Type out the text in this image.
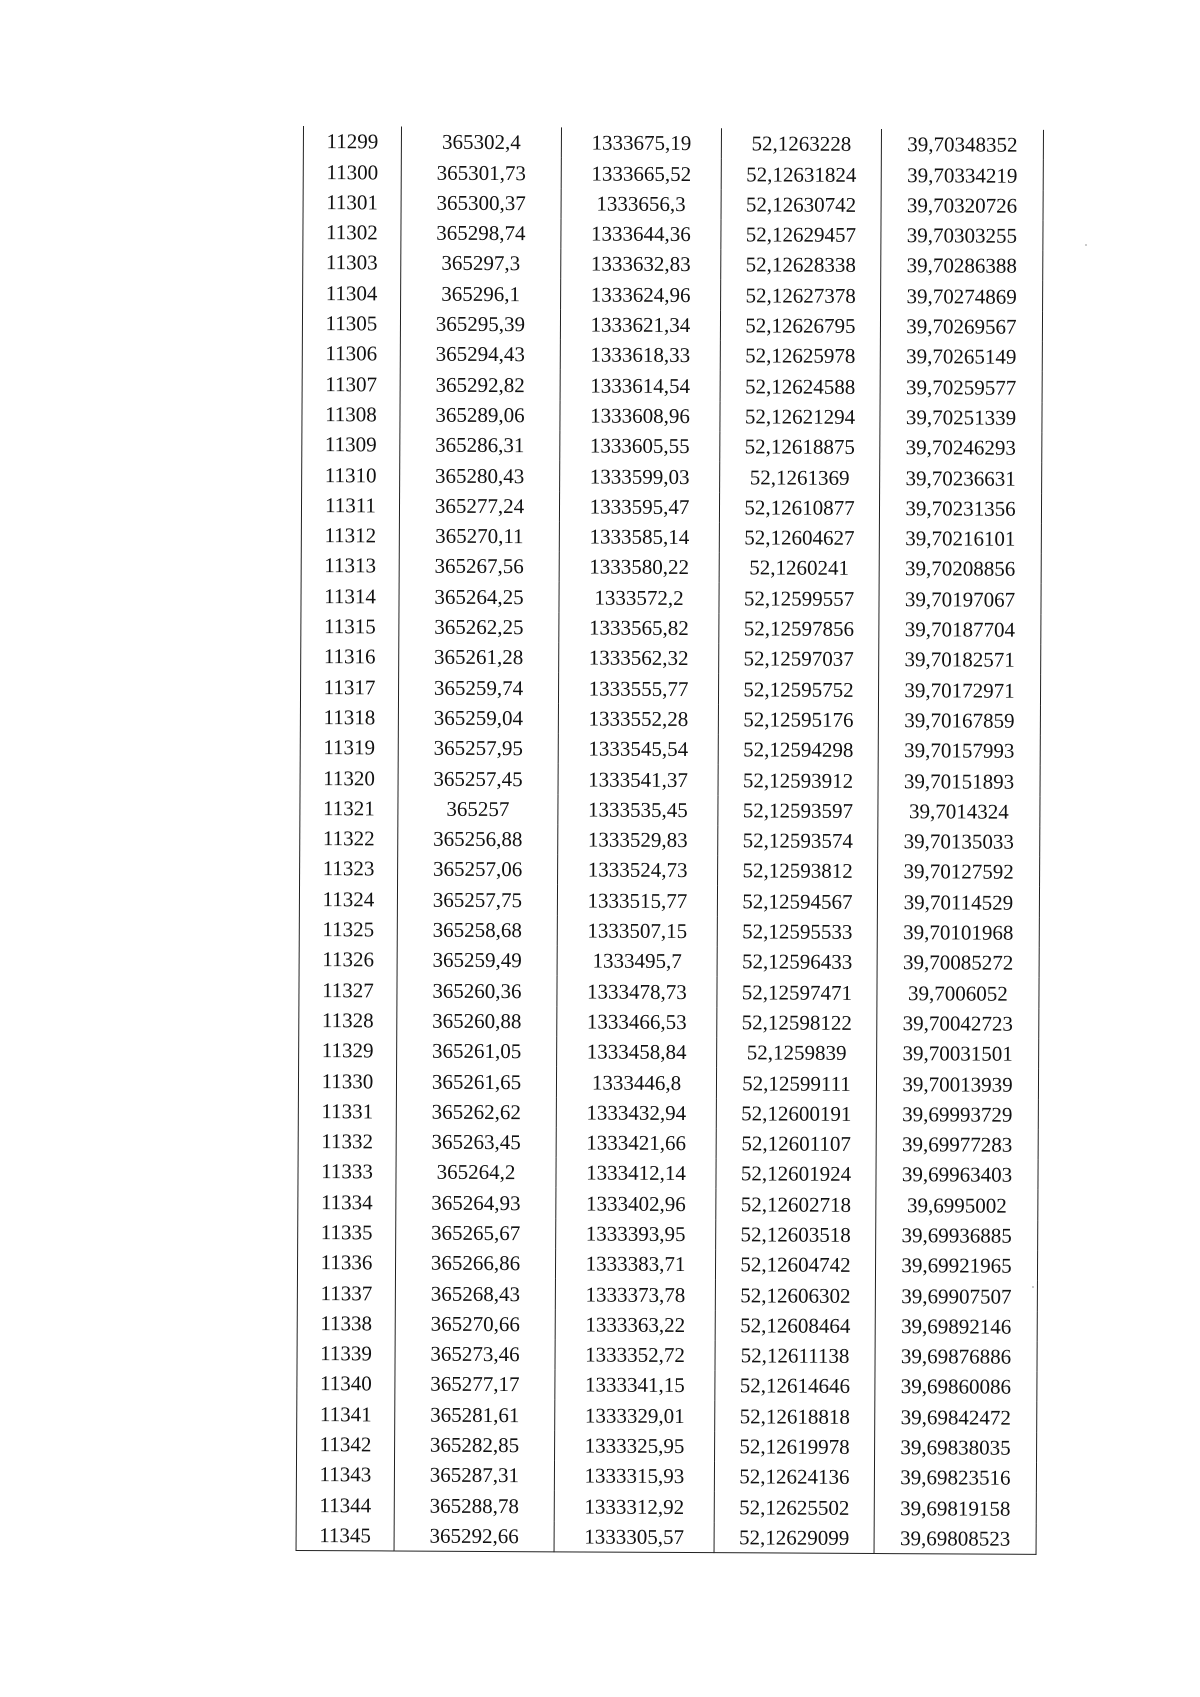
11299	365302,4	1333675,19	52,1263228	39,70348352
11300	365301,73	1333665,52	52,12631824	39,70334219
11301	365300,37	1333656,3	52,12630742	39,70320726
11302	365298,74	1333644,36	52,12629457	39,70303255
11303	365297,3	1333632,83	52,12628338	39,70286388
11304	365296,1	1333624,96	52,12627378	39,70274869
11305	365295,39	1333621,34	52,12626795	39,70269567
11306	365294,43	1333618,33	52,12625978	39,70265149
11307	365292,82	1333614,54	52,12624588	39,70259577
11308	365289,06	1333608,96	52,12621294	39,70251339
11309	365286,31	1333605,55	52,12618875	39,70246293
11310	365280,43	1333599,03	52,1261369	39,70236631
11311	365277,24	1333595,47	52,12610877	39,70231356
11312	365270,11	1333585,14	52,12604627	39,70216101
11313	365267,56	1333580,22	52,1260241	39,70208856
11314	365264,25	1333572,2	52,12599557	39,70197067
11315	365262,25	1333565,82	52,12597856	39,70187704
11316	365261,28	1333562,32	52,12597037	39,70182571
11317	365259,74	1333555,77	52,12595752	39,70172971
11318	365259,04	1333552,28	52,12595176	39,70167859
11319	365257,95	1333545,54	52,12594298	39,70157993
11320	365257,45	1333541,37	52,12593912	39,70151893
11321	365257	1333535,45	52,12593597	39,7014324
11322	365256,88	1333529,83	52,12593574	39,70135033
11323	365257,06	1333524,73	52,12593812	39,70127592
11324	365257,75	1333515,77	52,12594567	39,70114529
11325	365258,68	1333507,15	52,12595533	39,70101968
11326	365259,49	1333495,7	52,12596433	39,70085272
11327	365260,36	1333478,73	52,12597471	39,7006052
11328	365260,88	1333466,53	52,12598122	39,70042723
11329	365261,05	1333458,84	52,1259839	39,70031501
11330	365261,65	1333446,8	52,12599111	39,70013939
11331	365262,62	1333432,94	52,12600191	39,69993729
11332	365263,45	1333421,66	52,12601107	39,69977283
11333	365264,2	1333412,14	52,12601924	39,69963403
11334	365264,93	1333402,96	52,12602718	39,6995002
11335	365265,67	1333393,95	52,12603518	39,69936885
11336	365266,86	1333383,71	52,12604742	39,69921965
11337	365268,43	1333373,78	52,12606302	39,69907507
11338	365270,66	1333363,22	52,12608464	39,69892146
11339	365273,46	1333352,72	52,12611138	39,69876886
11340	365277,17	1333341,15	52,12614646	39,69860086
11341	365281,61	1333329,01	52,12618818	39,69842472
11342	365282,85	1333325,95	52,12619978	39,69838035
11343	365287,31	1333315,93	52,12624136	39,69823516
11344	365288,78	1333312,92	52,12625502	39,69819158
11345	365292,66	1333305,57	52,12629099	39,69808523
